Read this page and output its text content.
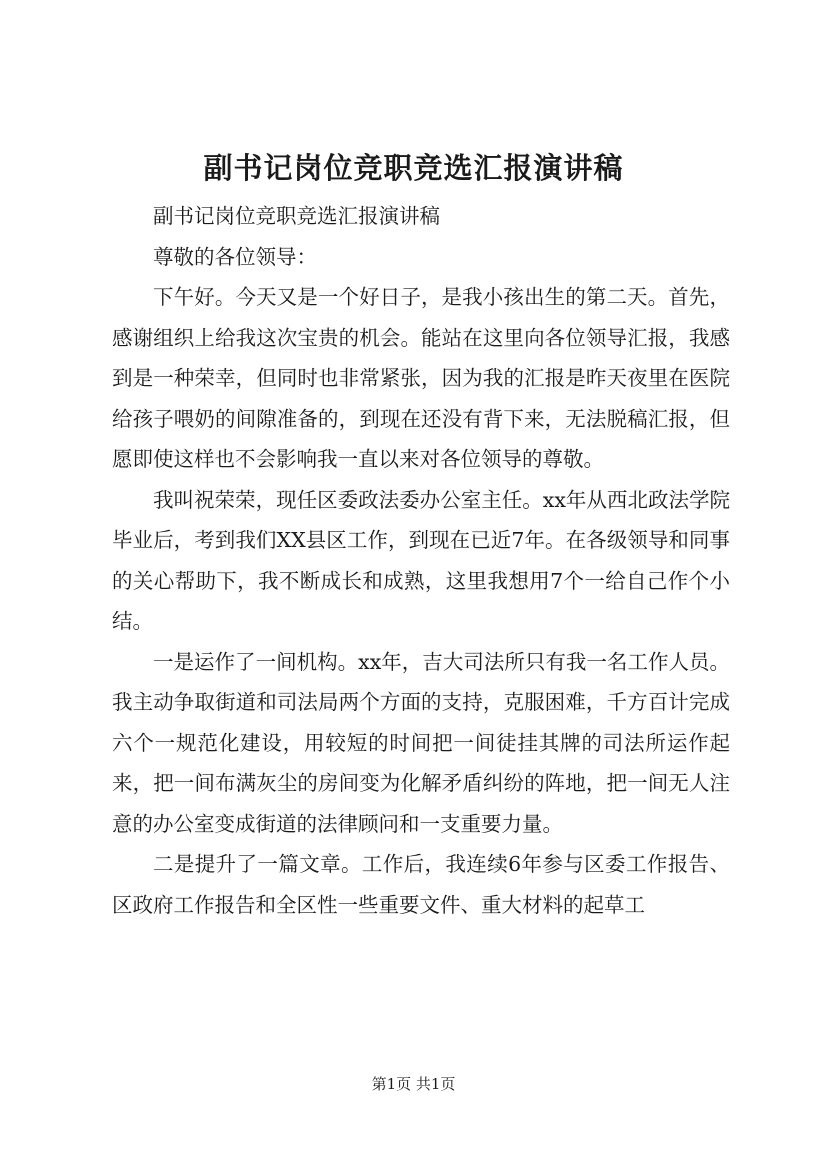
副书记岗位竞职竞选汇报演讲稿

副书记岗位竞职竞选汇报演讲稿

尊敬的各位领导：

下午好。今天又是一个好日子，是我小孩出生的第二天。首先，感谢组织上给我这次宝贵的机会。能站在这里向各位领导汇报，我感到是一种荣幸，但同时也非常紧张，因为我的汇报是昨天夜里在医院给孩子喂奶的间隙准备的，到现在还没有背下来，无法脱稿汇报，但愿即使这样也不会影响我一直以来对各位领导的尊敬。

我叫祝荣荣，现任区委政法委办公室主任。xx年从西北政法学院毕业后，考到我们XX县区工作，到现在已近7年。在各级领导和同事的关心帮助下，我不断成长和成熟，这里我想用7个一给自己作个小结。

一是运作了一间机构。xx年，吉大司法所只有我一名工作人员。我主动争取街道和司法局两个方面的支持，克服困难，千方百计完成六个一规范化建设，用较短的时间把一间徒挂其牌的司法所运作起来，把一间布满灰尘的房间变为化解矛盾纠纷的阵地，把一间无人注意的办公室变成街道的法律顾问和一支重要力量。

二是提升了一篇文章。工作后，我连续6年参与区委工作报告、区政府工作报告和全区性一些重要文件、重大材料的起草工

第1页 共1页
